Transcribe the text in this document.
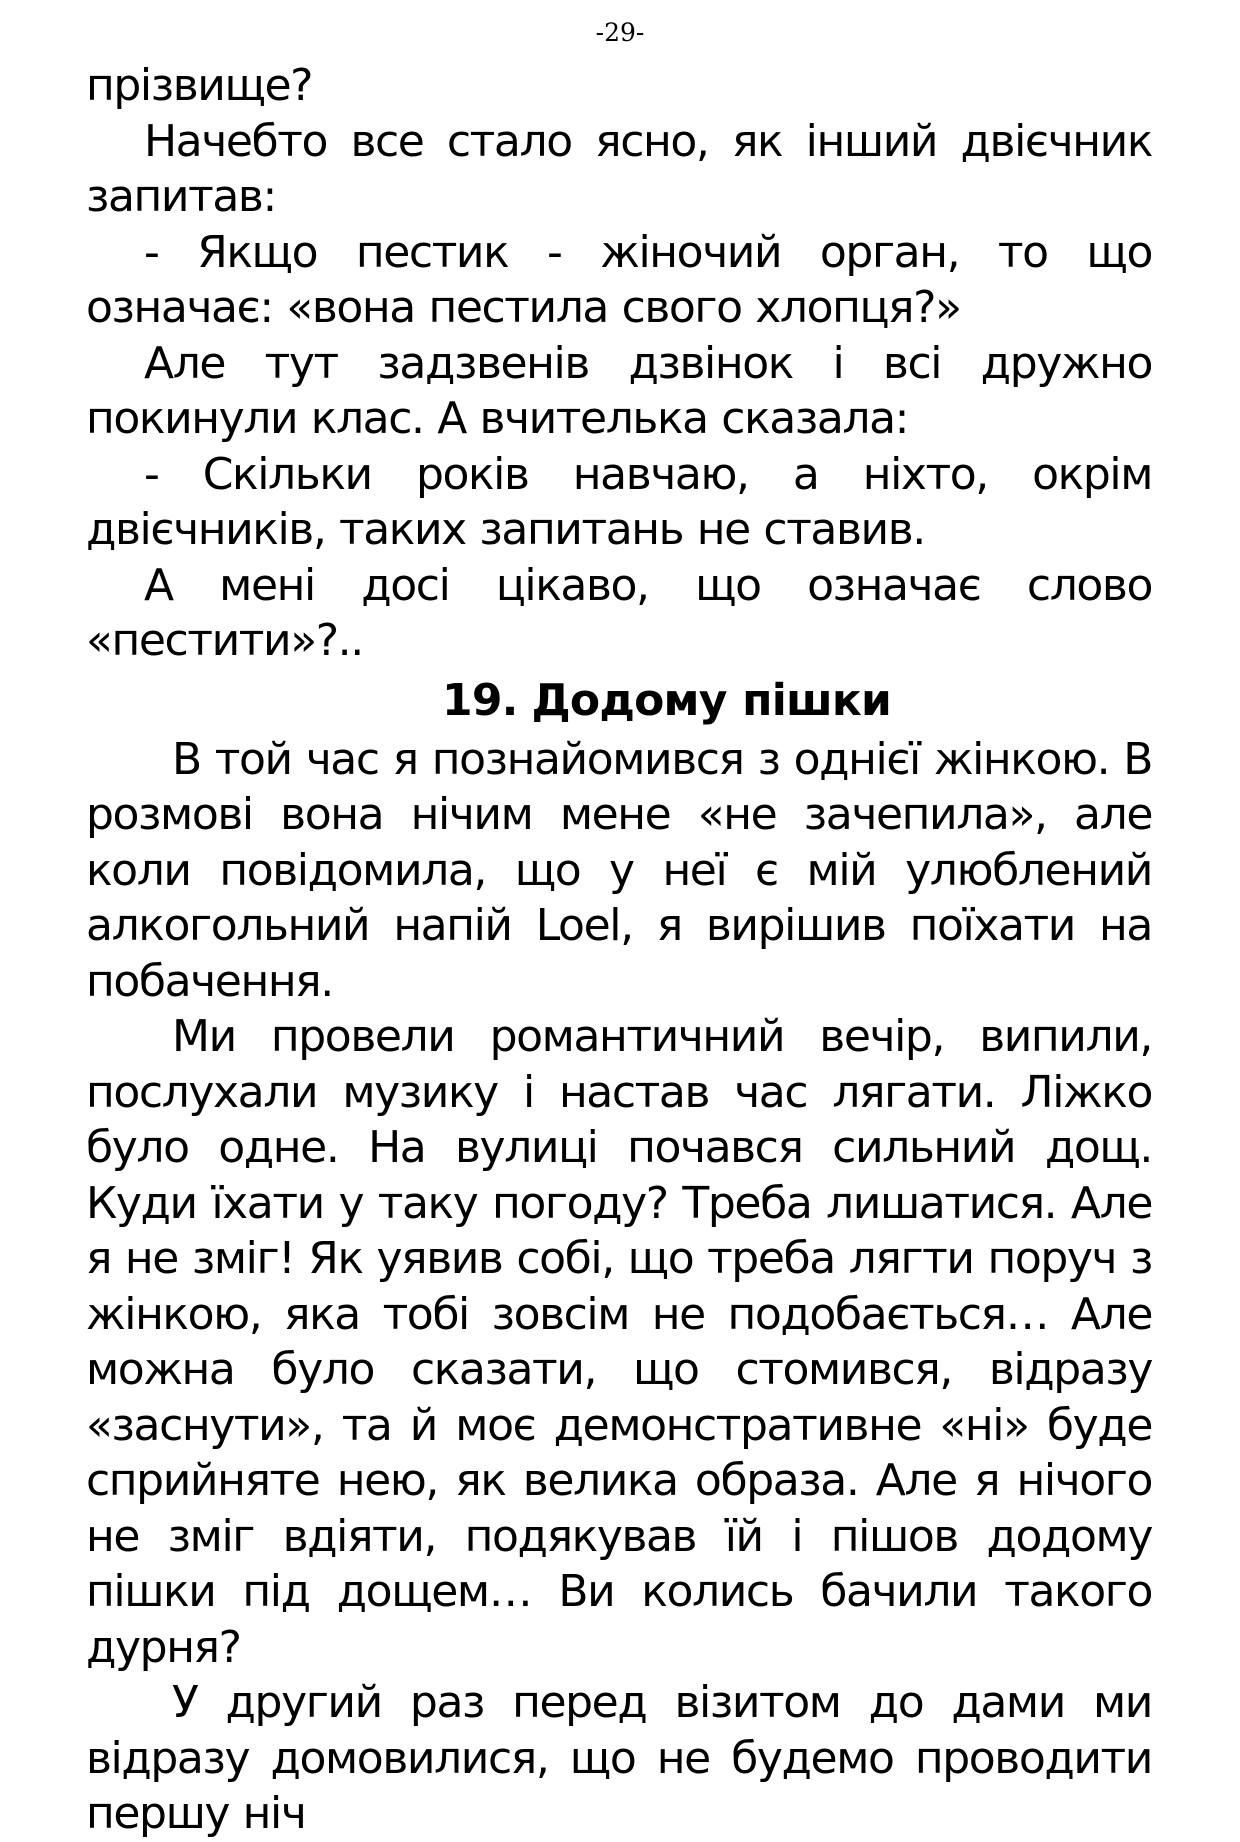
-29-

прізвище?

Начебто все стало ясно, як інший двієчник запитав:

- Якщо пестик - жіночий орган, то що означає: «вона пестила свого хлопця?»

Але тут задзвенів дзвінок і всі дружно покинули клас. А вчителька сказала:

- Скільки років навчаю, а ніхто, окрім двієчників, таких запитань не ставив.

А мені досі цікаво, що означає слово «пестити»?..

19. Додому пішки

В той час я познайомився з однієї жінкою. В розмові вона нічим мене «не зачепила», але коли повідомила, що у неї є мій улюблений алкогольний напій Loel, я вирішив поїхати на побачення.

Ми провели романтичний вечір, випили, послухали музику і настав час лягати. Ліжко було одне. На вулиці почався сильний дощ. Куди їхати у таку погоду? Треба лишатися. Але я не зміг! Як уявив собі, що треба лягти поруч з жінкою, яка тобі зовсім не подобається… Але можна було сказати, що стомився, відразу «заснути», та й моє демонстративне «ні» буде сприйняте нею, як велика образа. Але я нічого не зміг вдіяти, подякував їй і пішов додому пішки під дощем… Ви колись бачили такого дурня?

У другий раз перед візитом до дами ми відразу домовилися, що не будемо проводити першу ніч
